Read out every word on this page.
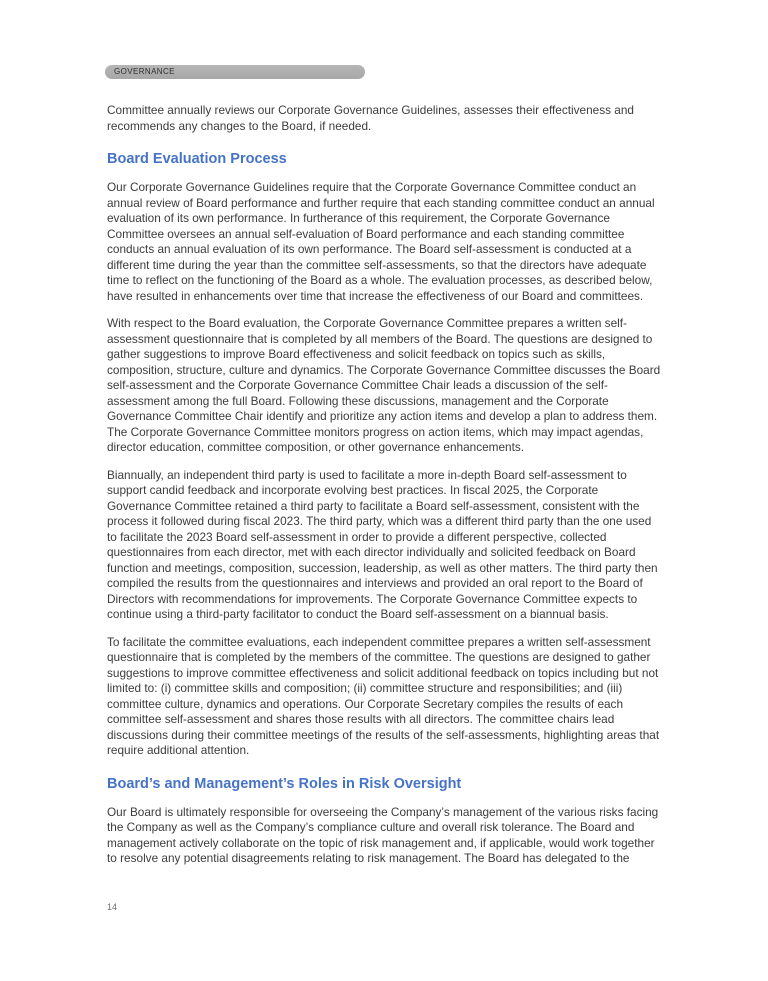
GOVERNANCE

Committee annually reviews our Corporate Governance Guidelines, assesses their effectiveness and recommends any changes to the Board, if needed.

Board Evaluation Process

Our Corporate Governance Guidelines require that the Corporate Governance Committee conduct an annual review of Board performance and further require that each standing committee conduct an annual evaluation of its own performance. In furtherance of this requirement, the Corporate Governance Committee oversees an annual self-evaluation of Board performance and each standing committee conducts an annual evaluation of its own performance. The Board self-assessment is conducted at a different time during the year than the committee self-assessments, so that the directors have adequate time to reflect on the functioning of the Board as a whole. The evaluation processes, as described below, have resulted in enhancements over time that increase the effectiveness of our Board and committees.

With respect to the Board evaluation, the Corporate Governance Committee prepares a written self-assessment questionnaire that is completed by all members of the Board. The questions are designed to gather suggestions to improve Board effectiveness and solicit feedback on topics such as skills, composition, structure, culture and dynamics. The Corporate Governance Committee discusses the Board self-assessment and the Corporate Governance Committee Chair leads a discussion of the self-assessment among the full Board. Following these discussions, management and the Corporate Governance Committee Chair identify and prioritize any action items and develop a plan to address them. The Corporate Governance Committee monitors progress on action items, which may impact agendas, director education, committee composition, or other governance enhancements.

Biannually, an independent third party is used to facilitate a more in-depth Board self-assessment to support candid feedback and incorporate evolving best practices. In fiscal 2025, the Corporate Governance Committee retained a third party to facilitate a Board self-assessment, consistent with the process it followed during fiscal 2023. The third party, which was a different third party than the one used to facilitate the 2023 Board self-assessment in order to provide a different perspective, collected questionnaires from each director, met with each director individually and solicited feedback on Board function and meetings, composition, succession, leadership, as well as other matters. The third party then compiled the results from the questionnaires and interviews and provided an oral report to the Board of Directors with recommendations for improvements. The Corporate Governance Committee expects to continue using a third-party facilitator to conduct the Board self-assessment on a biannual basis.

To facilitate the committee evaluations, each independent committee prepares a written self-assessment questionnaire that is completed by the members of the committee. The questions are designed to gather suggestions to improve committee effectiveness and solicit additional feedback on topics including but not limited to: (i) committee skills and composition; (ii) committee structure and responsibilities; and (iii) committee culture, dynamics and operations. Our Corporate Secretary compiles the results of each committee self-assessment and shares those results with all directors. The committee chairs lead discussions during their committee meetings of the results of the self-assessments, highlighting areas that require additional attention.

Board’s and Management’s Roles in Risk Oversight

Our Board is ultimately responsible for overseeing the Company’s management of the various risks facing the Company as well as the Company’s compliance culture and overall risk tolerance. The Board and management actively collaborate on the topic of risk management and, if applicable, would work together to resolve any potential disagreements relating to risk management. The Board has delegated to the

14
